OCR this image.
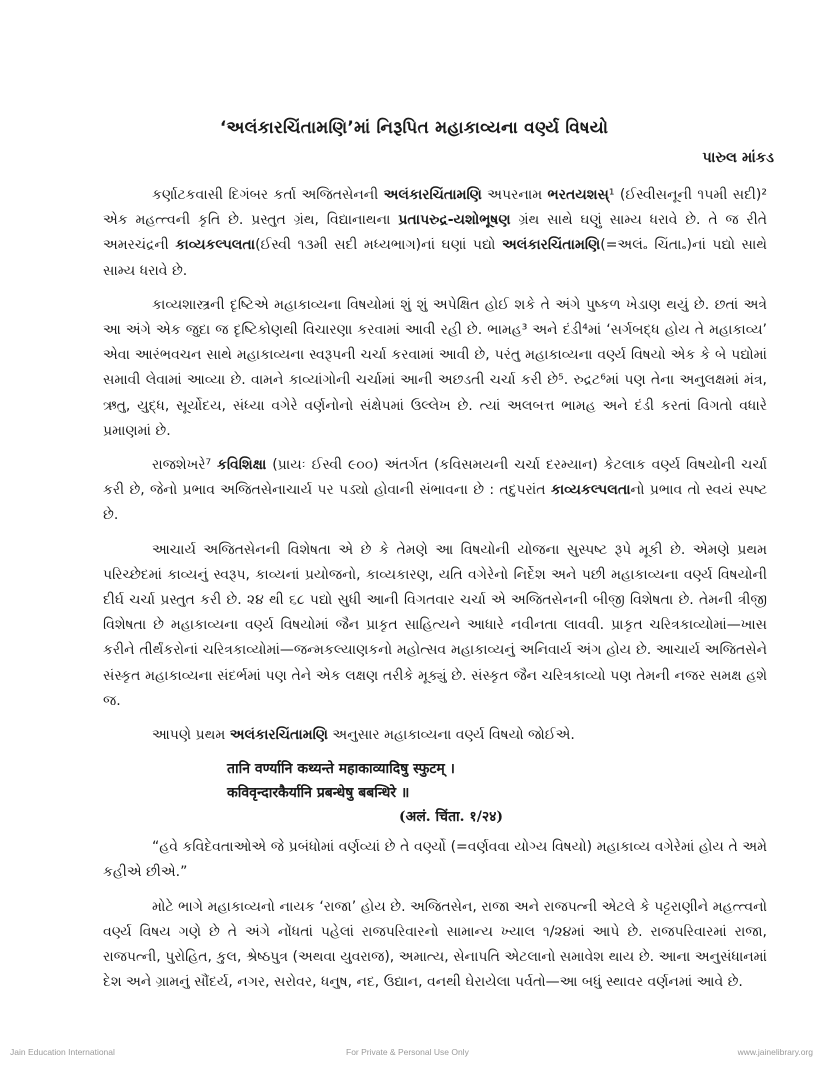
‘અલંકારચિંતામણિ’માં નિરૂપિત મહાકાવ્યના વર્ણ્ય વિષયો
પારુલ માંકડ

કર્ણાટકવાસી દિગંબર કર્તા અજિતસેનની અલંકારચિંતામણિ અપરનામ ભરતયશસ્¹ (ઈસ્વીસનૂની ૧૫મી સદી)² એક મહત્ત્વની કૃતિ છે. પ્રસ્તુત ગ્રંથ, વિદ્યાનાથના પ્રતાપરુદ્ર-યશોભૂષણ ગ્રંથ સાથે ઘણું સામ્ય ધરાવે છે. તે જ રીતે અમરચંદ્રની કાવ્યકલ્પલતા(ઈસ્વી ૧૩મી સદી મધ્યભાગ)નાં ઘણાં પદ્યો અલંકારચિંતામણિ(=અલં૰ ચિંતા૰)નાં પદ્યો સાથે સામ્ય ધરાવે છે.

કાવ્યશાસ્ત્રની દૃષ્ટિએ મહાકાવ્યના વિષયોમાં શું શું અપેક્ષિત હોઈ શકે તે અંગે પુષ્કળ ખેડાણ થયું છે. છતાં અત્રે આ અંગે એક જુદા જ દૃષ્ટિકોણથી વિચારણા કરવામાં આવી રહી છે. ભામહ³ અને દંડી⁴માં ‘સર્ગબદ્ધ હોય તે મહાકાવ્ય’ એવા આરંભવચન સાથે મહાકાવ્યના સ્વરૂપની ચર્ચા કરવામાં આવી છે, પરંતુ મહાકાવ્યના વર્ણ્ય વિષયો એક કે બે પદ્યોમાં સમાવી લેવામાં આવ્યા છે. વામને કાવ્યાંગોની ચર્ચામાં આની અછડતી ચર્ચા કરી છે⁵. રુદ્રટ⁶માં પણ તેના અનુલક્ષમાં મંત્ર, ઋતુ, યુદ્ધ, સૂર્યોદય, સંધ્યા વગેરે વર્ણનોનો સંક્ષેપમાં ઉલ્લેખ છે. ત્યાં અલબત્ત ભામહ અને દંડી કરતાં વિગતો વધારે પ્રમાણમાં છે.

રાજશેખરે⁷ કવિશિક્ષા (પ્રાયઃ ઈસ્વી ૯૦૦) અંતર્ગત (કવિસમયની ચર્ચા દરમ્યાન) કેટલાક વર્ણ્ય વિષયોની ચર્ચા કરી છે, જેનો પ્રભાવ અજિતસેનાચાર્ય પર પડ્યો હોવાની સંભાવના છે : તદુપરાંત કાવ્યકલ્પલતાનો પ્રભાવ તો સ્વયં સ્પષ્ટ છે.

આચાર્ય અજિતસેનની વિશેષતા એ છે કે તેમણે આ વિષયોની યોજના સુસ્પષ્ટ રૂપે મૂકી છે. એમણે પ્રથમ પરિચ્છેદમાં કાવ્યનું સ્વરૂપ, કાવ્યનાં પ્રયોજનો, કાવ્યકારણ, યતિ વગેરેનો નિર્દેશ અને પછી મહાકાવ્યના વર્ણ્ય વિષયોની દીર્ઘ ચર્ચા પ્રસ્તુત કરી છે. ૨૪ થી ૬૮ પદ્યો સુધી આની વિગતવાર ચર્ચા એ અજિતસેનની બીજી વિશેષતા છે. તેમની ત્રીજી વિશેષતા છે મહાકાવ્યના વર્ણ્ય વિષયોમાં જૈન પ્રાકૃત સાહિત્યને આધારે નવીનતા લાવવી. પ્રાકૃત ચરિત્રકાવ્યોમાં—ખાસ કરીને તીર્થંકરોનાં ચરિત્રકાવ્યોમાં—જન્મકલ્યાણકનો મહોત્સવ મહાકાવ્યનું અનિવાર્ય અંગ હોય છે. આચાર્ય અજિતસેને સંસ્કૃત મહાકાવ્યના સંદર્ભમાં પણ તેને એક લક્ષણ તરીકે મૂક્યું છે. સંસ્કૃત જૈન ચરિત્રકાવ્યો પણ તેમની નજર સમક્ષ હશે જ.

આપણે પ્રથમ અલંકારચિંતામણિ અનુસાર મહાકાવ્યના વર્ણ્ય વિષયો જોઈએ.

तानि वर्ण्यानि कथ्यन्ते महाकाव्यादिषु स्फुटम् ।
कविवृन्दारकैर्यानि प्रबन्धेषु बबन्धिरे ॥
(अलं. चिंता. १/२४)

“હવે કવિદેવતાઓએ જે પ્રબંધોમાં વર્ણવ્યાં છે તે વર્ણ્યો (=વર્ણવવા યોગ્ય વિષયો) મહાકાવ્ય વગેરેમાં હોય તે અમે કહીએ છીએ.”

મોટે ભાગે મહાકાવ્યનો નાયક ‘રાજા’ હોય છે. અજિતસેન, રાજા અને રાજપત્ની એટલે કે પટ્ટરાણીને મહત્ત્વનો વર્ણ્ય વિષય ગણે છે તે અંગે નોંધતાં પહેલાં રાજપરિવારનો સામાન્ય ખ્યાલ ૧/૨૪માં આપે છે. રાજપરિવારમાં રાજા, રાજપત્ની, પુરોહિત, કુલ, શ્રેષ્ઠપુત્ર (અથવા યુવરાજ), અમાત્ય, સેનાપતિ એટલાનો સમાવેશ થાય છે. આના અનુસંધાનમાં દેશ અને ગ્રામનું સૌંદર્ય, નગર, સરોવર, ધનુષ, નદ, ઉદ્યાન, વનથી ઘેરાયેલા પર્વતો—આ બધું સ્થાવર વર્ણનમાં આવે છે.

Jain Education International	For Private & Personal Use Only	www.jainelibrary.org
